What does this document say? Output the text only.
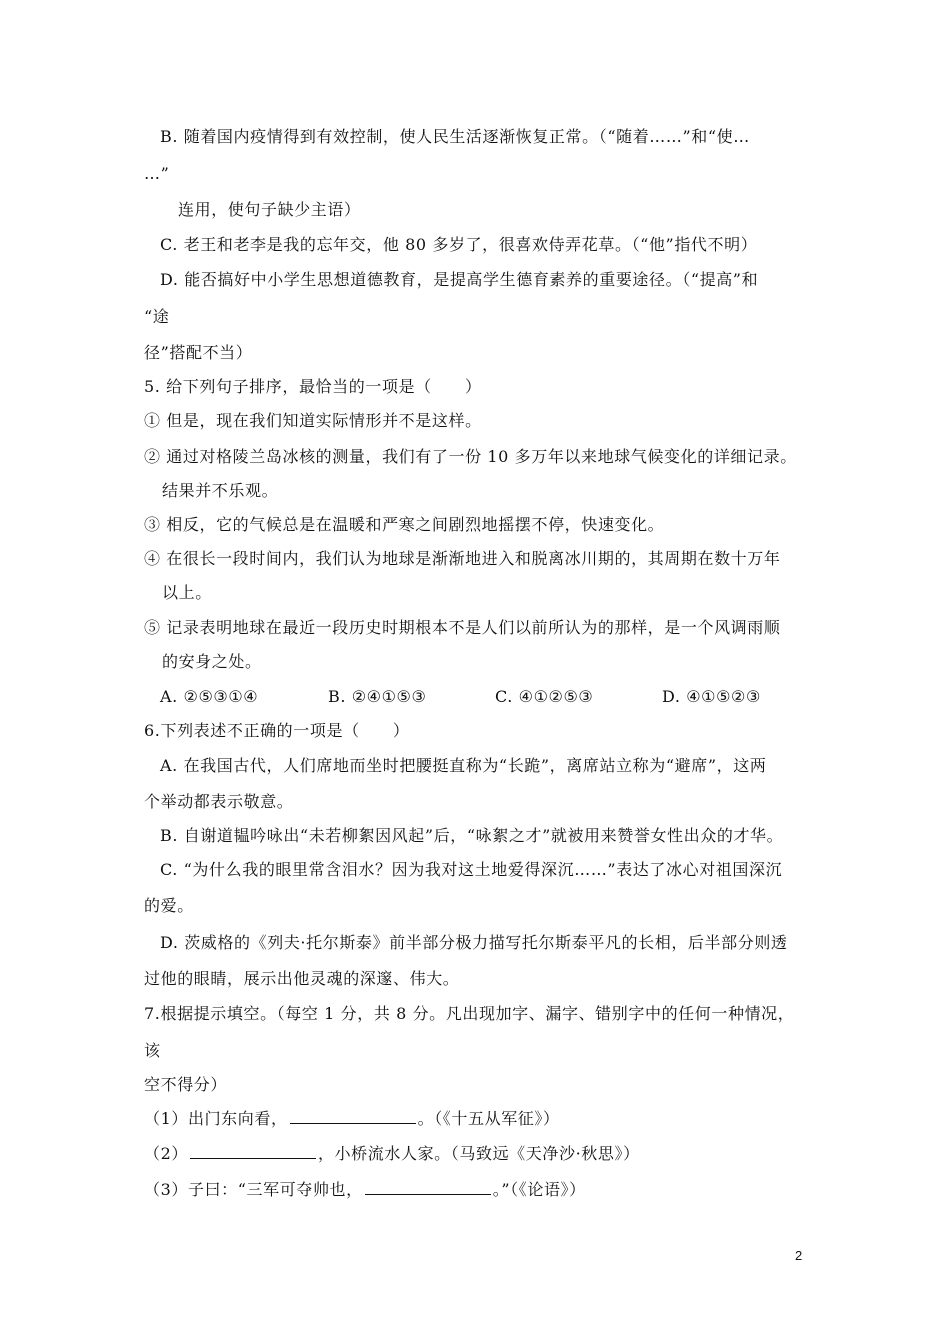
B. 随着国内疫情得到有效控制，使人民生活逐渐恢复正常。（“随着……”和“使…
…”
连用，使句子缺少主语）
C. 老王和老李是我的忘年交，他 80 多岁了，很喜欢侍弄花草。（“他”指代不明）
D. 能否搞好中小学生思想道德教育，是提高学生德育素养的重要途径。（“提高”和
“途
径”搭配不当）
5. 给下列句子排序，最恰当的一项是（　　）
① 但是，现在我们知道实际情形并不是这样。
② 通过对格陵兰岛冰核的测量，我们有了一份 10 多万年以来地球气候变化的详细记录。
结果并不乐观。
③ 相反，它的气候总是在温暖和严寒之间剧烈地摇摆不停，快速变化。
④ 在很长一段时间内，我们认为地球是渐渐地进入和脱离冰川期的，其周期在数十万年
以上。
⑤ 记录表明地球在最近一段历史时期根本不是人们以前所认为的那样，是一个风调雨顺
的安身之处。
A. ②⑤③①④	B. ②④①⑤③	C. ④①②⑤③	D. ④①⑤②③
6.下列表述不正确的一项是（　　）
A. 在我国古代，人们席地而坐时把腰挺直称为“长跪”，离席站立称为“避席”，这两
个举动都表示敬意。
B. 自谢道韫吟咏出“未若柳絮因风起”后，“咏絮之才”就被用来赞誉女性出众的才华。
C. “为什么我的眼里常含泪水？因为我对这土地爱得深沉……”表达了冰心对祖国深沉
的爱。
D. 茨威格的《列夫·托尔斯泰》前半部分极力描写托尔斯泰平凡的长相，后半部分则透
过他的眼睛，展示出他灵魂的深邃、伟大。
7.根据提示填空。（每空 1 分，共 8 分。凡出现加字、漏字、错别字中的任何一种情况，
该
空不得分）
（1）出门东向看，	。（《十五从军征》）
（2）	，小桥流水人家。（马致远《天净沙·秋思》）
（3）子曰：“三军可夺帅也，	。”（《论语》）
2
